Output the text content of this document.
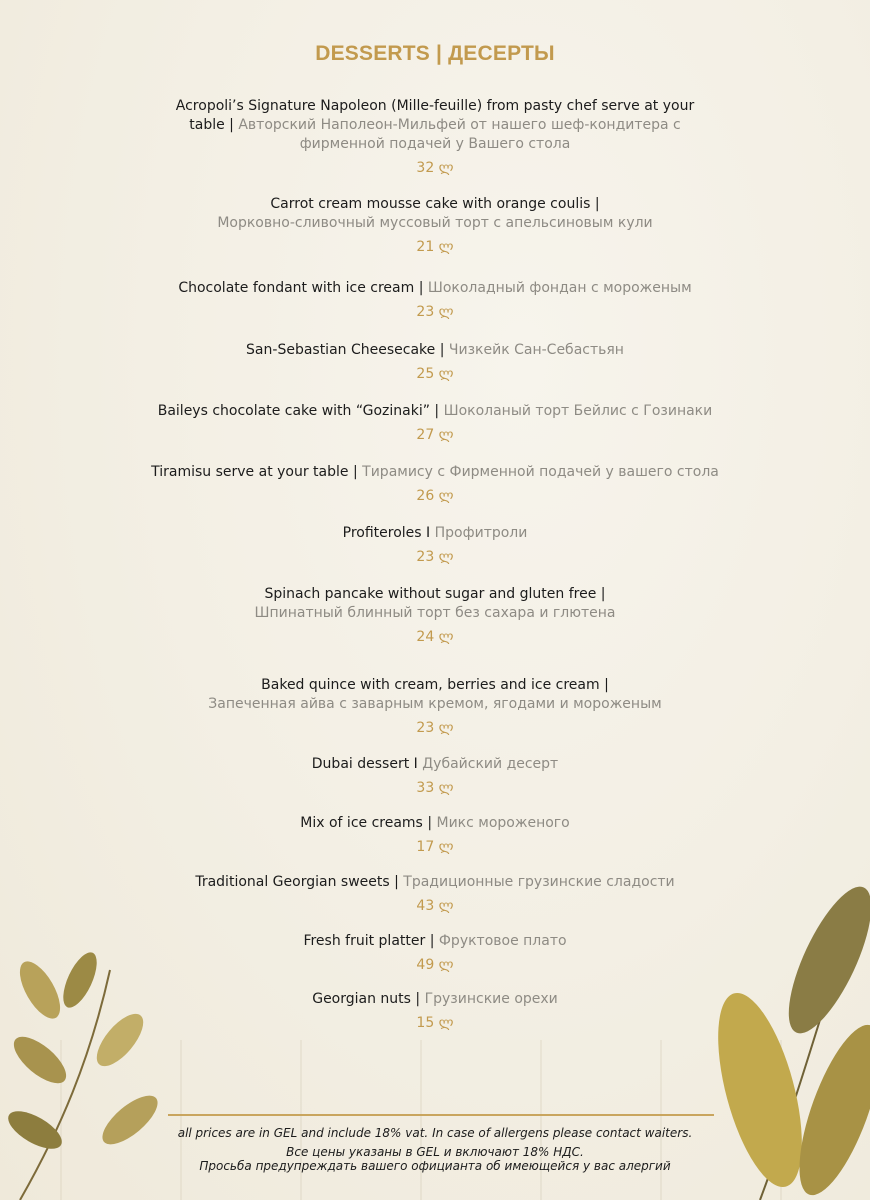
DESSERTS | ДЕСЕРТЫ
Acropoli’s Signature Napoleon (Mille-feuille) from pasty chef serve at your table | Авторский Наполеон-Мильфей от нашего шеф-кондитера с фирменной подачей у Вашего стола
32 ლ
Carrot cream mousse cake with orange coulis |
Морковно-сливочный муссовый торт с апельсиновым кули
21 ლ
Chocolate fondant with ice cream | Шоколадный фондан с мороженым
23 ლ
San-Sebastian Cheesecake | Чизкейк Сан-Себастьян
25 ლ
Baileys chocolate cake with “Gozinaki” | Шоколаный торт Бейлис с Гозинаки
27 ლ
Tiramisu serve at your table | Тирамису с Фирменной подачей у вашего стола
26 ლ
Profiteroles I Профитроли
23 ლ
Spinach pancake without sugar and gluten free |
Шпинатный блинный торт без сахара и глютена
24 ლ
Baked quince with cream, berries and ice cream |
Запеченная айва с заварным кремом, ягодами и мороженым
23 ლ
Dubai dessert I Дубайский десерт
33 ლ
Mix of ice creams | Микс мороженого
17 ლ
Traditional Georgian sweets | Традиционные грузинские сладости
43 ლ
Fresh fruit platter | Фруктовое плато
49 ლ
Georgian nuts | Грузинские орехи
15 ლ
all prices are in GEL and include 18% vat. In case of allergens please contact waiters.
Все цены указаны в GEL и включают 18% НДС.
Просьба предупреждать вашего официанта об имеющейся у вас алергий
